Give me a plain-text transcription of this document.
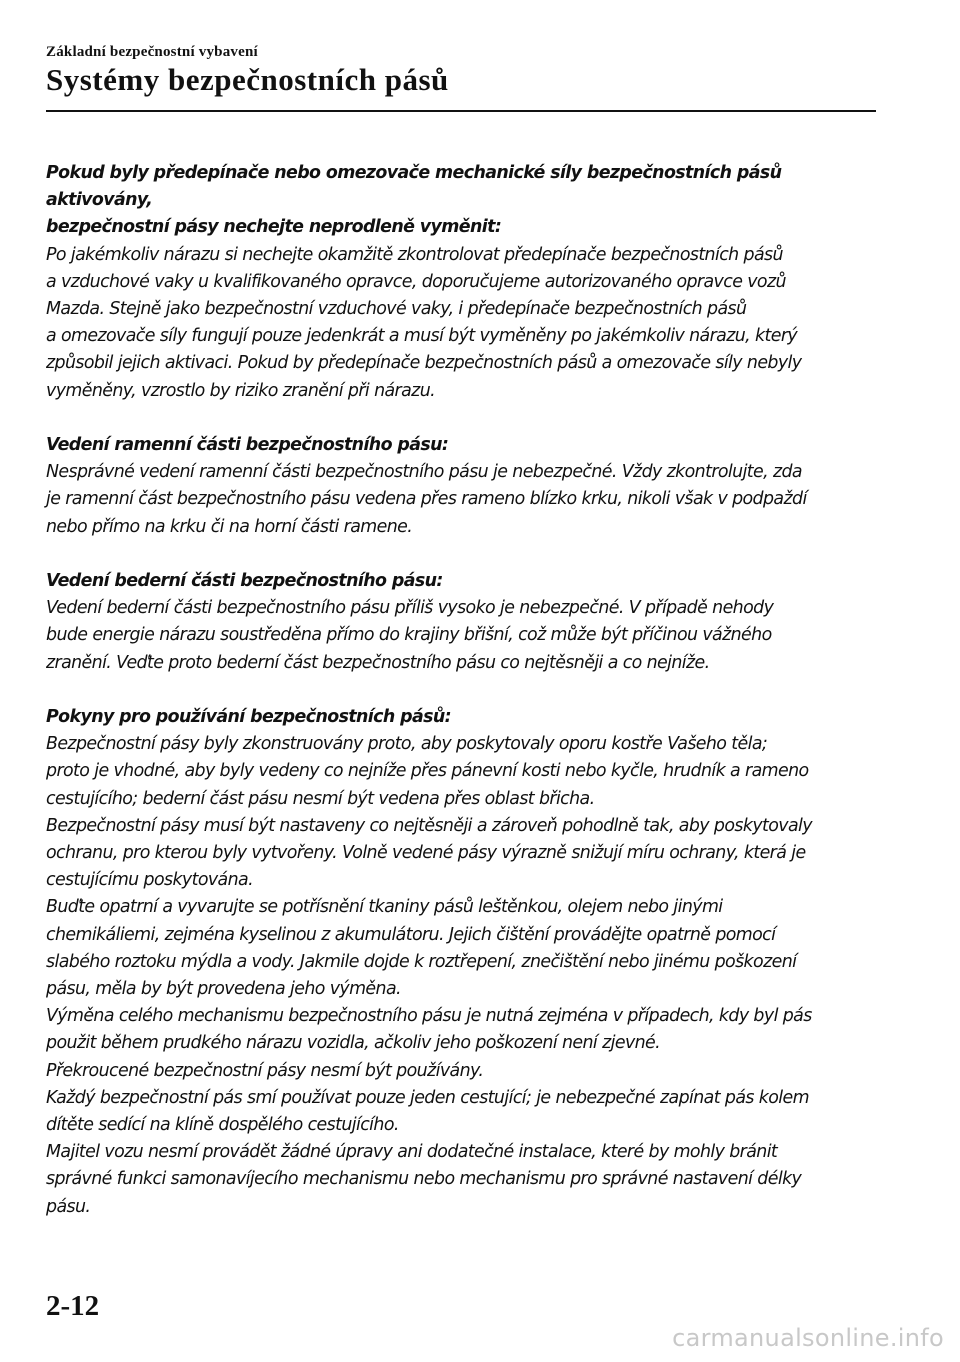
Základní bezpečnostní vybavení
Systémy bezpečnostních pásů
Pokud byly předepínače nebo omezovače mechanické síly bezpečnostních pásů aktivovány,
bezpečnostní pásy nechejte neprodleně vyměnit:
Po jakémkoliv nárazu si nechejte okamžitě zkontrolovat předepínače bezpečnostních pásů
a vzduchové vaky u kvalifikovaného opravce, doporučujeme autorizovaného opravce vozů
Mazda. Stejně jako bezpečnostní vzduchové vaky, i předepínače bezpečnostních pásů
a omezovače síly fungují pouze jedenkrát a musí být vyměněny po jakémkoliv nárazu, který
způsobil jejich aktivaci. Pokud by předepínače bezpečnostních pásů a omezovače síly nebyly
vyměněny, vzrostlo by riziko zranění při nárazu.
Vedení ramenní části bezpečnostního pásu:
Nesprávné vedení ramenní části bezpečnostního pásu je nebezpečné. Vždy zkontrolujte, zda
je ramenní část bezpečnostního pásu vedena přes rameno blízko krku, nikoli však v podpaždí
nebo přímo na krku či na horní části ramene.
Vedení bederní části bezpečnostního pásu:
Vedení bederní části bezpečnostního pásu příliš vysoko je nebezpečné. V případě nehody
bude energie nárazu soustředěna přímo do krajiny břišní, což může být příčinou vážného
zranění. Veďte proto bederní část bezpečnostního pásu co nejtěsněji a co nejníže.
Pokyny pro používání bezpečnostních pásů:
Bezpečnostní pásy byly zkonstruovány proto, aby poskytovaly oporu kostře Vašeho těla;
proto je vhodné, aby byly vedeny co nejníže přes pánevní kosti nebo kyčle, hrudník a rameno
cestujícího; bederní část pásu nesmí být vedena přes oblast břicha.
Bezpečnostní pásy musí být nastaveny co nejtěsněji a zároveň pohodlně tak, aby poskytovaly
ochranu, pro kterou byly vytvořeny. Volně vedené pásy výrazně snižují míru ochrany, která je
cestujícímu poskytována.
Buďte opatrní a vyvarujte se potřísnění tkaniny pásů leštěnkou, olejem nebo jinými
chemikáliemi, zejména kyselinou z akumulátoru. Jejich čištění provádějte opatrně pomocí
slabého roztoku mýdla a vody. Jakmile dojde k roztřepení, znečištění nebo jinému poškození
pásu, měla by být provedena jeho výměna.
Výměna celého mechanismu bezpečnostního pásu je nutná zejména v případech, kdy byl pás
použit během prudkého nárazu vozidla, ačkoliv jeho poškození není zjevné.
Překroucené bezpečnostní pásy nesmí být používány.
Každý bezpečnostní pás smí používat pouze jeden cestující; je nebezpečné zapínat pás kolem
dítěte sedící na klíně dospělého cestujícího.
Majitel vozu nesmí provádět žádné úpravy ani dodatečné instalace, které by mohly bránit
správné funkci samonavíjecího mechanismu nebo mechanismu pro správné nastavení délky
pásu.
2-12
carmanualsonline.info
